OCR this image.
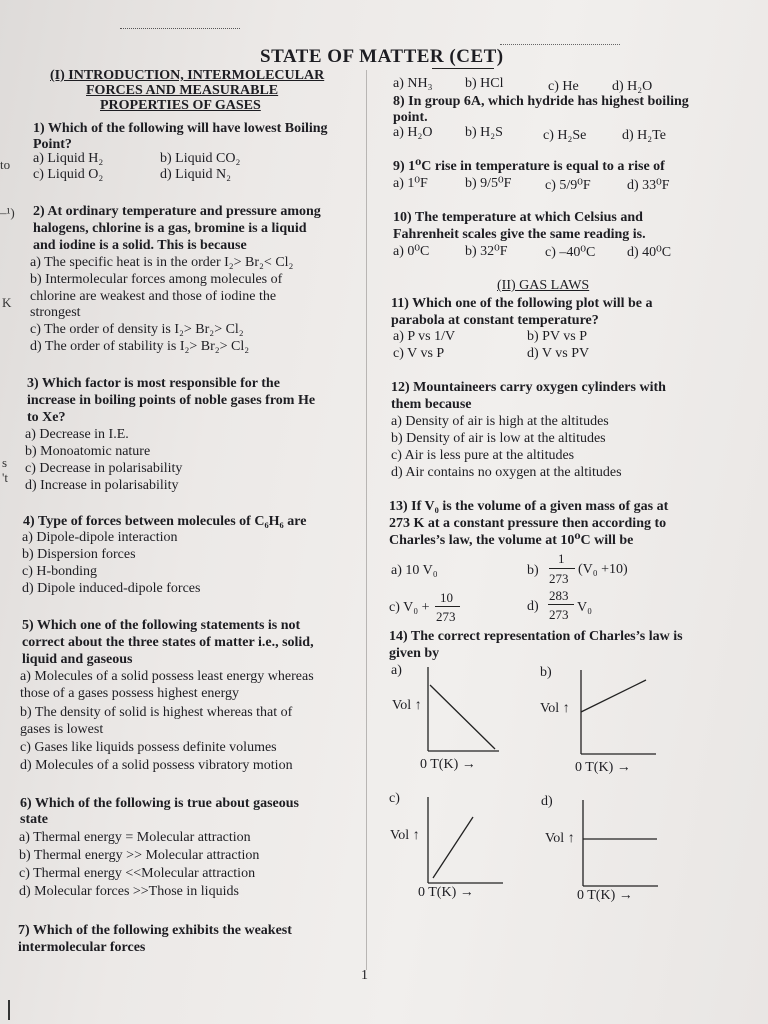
STATE OF MATTER (CET)
to
–¹)
K
s
't
(I) INTRODUCTION, INTERMOLECULAR
FORCES AND MEASURABLE
PROPERTIES OF GASES
1) Which of the following will have lowest Boiling
Point?
a) Liquid H₂	b) Liquid CO₂
c) Liquid O₂	d) Liquid N₂
2) At ordinary temperature and pressure among
halogens, chlorine is a gas, bromine is a liquid
and iodine is a solid. This is because
a) The specific heat is in the order I₂> Br₂< Cl₂
b) Intermolecular forces among molecules of
chlorine are weakest and those of iodine the
strongest
c) The order of density is I₂> Br₂> Cl₂
d) The order of stability is I₂> Br₂> Cl₂
3) Which factor is most responsible for the
increase in boiling points of noble gases from He
to Xe?
a) Decrease in I.E.
b) Monoatomic nature
c) Decrease in polarisability
d) Increase in polarisability
4) Type of forces between molecules of C₆H₆ are
a) Dipole-dipole interaction
b) Dispersion forces
c) H-bonding
d) Dipole induced-dipole forces
5) Which one of the following statements is not
correct about the three states of matter i.e., solid,
liquid and gaseous
a) Molecules of a solid possess least energy whereas
those of a gases possess highest energy
b) The density of solid is highest whereas that of
gases is lowest
c) Gases like liquids possess definite volumes
d) Molecules of a solid possess vibratory motion
6) Which of the following is true about gaseous
state
a) Thermal energy = Molecular attraction
b) Thermal energy >> Molecular attraction
c) Thermal energy <<Molecular attraction
d) Molecular forces >>Those in liquids
7) Which of the following exhibits the weakest
intermolecular forces
a) NH₃ b) HCl	c) He d) H₂O
8) In group 6A, which hydride has highest boiling
point.
a) H₂O b) H₂S	c) H₂Se	d) H₂Te
9) 1⁰C rise in temperature is equal to a rise of
a) 1⁰F	b) 9/5⁰F c) 5/9⁰F	d) 33⁰F
10) The temperature at which Celsius and
Fahrenheit scales give the same reading is.
a) 0⁰C	b) 32⁰F	c) –40⁰C d) 40⁰C
(II) GAS LAWS
11) Which one of the following plot will be a
parabola at constant temperature?
a) P vs 1/V	b) PV vs P
c) V vs P	d) V vs PV
12) Mountaineers carry oxygen cylinders with
them because
a) Density of air is high at the altitudes
b) Density of air is low at the altitudes
c) Air is less pure at the altitudes
d) Air contains no oxygen at the altitudes
13) If V₀ is the volume of a given mass of gas at
273 K at a constant pressure then according to
Charles’s law, the volume at 10⁰C will be
a) 10 V₀	b)
1
273
(V₀ +10)
c) V₀ +
10
273
d)
283
273 V₀
14) The correct representation of Charles’s law is
given by
a)	b)
c)	d)
Vol ↑
0 T(K) →
Vol ↑
0 T(K) →
Vol ↑
0 T(K) →
Vol ↑
0 T(K) →
1
